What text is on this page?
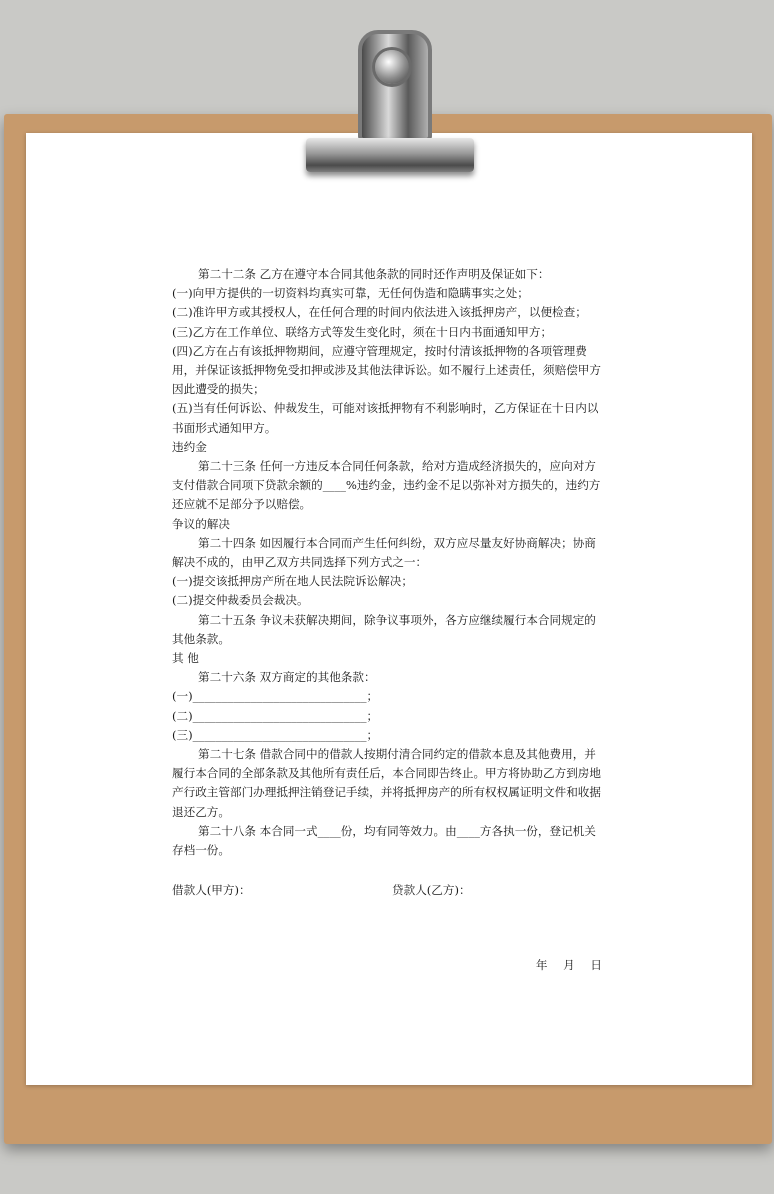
第二十二条 乙方在遵守本合同其他条款的同时还作声明及保证如下：

(一)向甲方提供的一切资料均真实可靠，无任何伪造和隐瞒事实之处；

(二)准许甲方或其授权人，在任何合理的时间内依法进入该抵押房产，以便检查；

(三)乙方在工作单位、联络方式等发生变化时，须在十日内书面通知甲方；

(四)乙方在占有该抵押物期间，应遵守管理规定，按时付清该抵押物的各项管理费用，并保证该抵押物免受扣押或涉及其他法律诉讼。如不履行上述责任，须赔偿甲方因此遭受的损失；

(五)当有任何诉讼、仲裁发生，可能对该抵押物有不利影响时，乙方保证在十日内以书面形式通知甲方。

违约金

第二十三条 任何一方违反本合同任何条款，给对方造成经济损失的，应向对方支付借款合同项下贷款余额的____%违约金，违约金不足以弥补对方损失的，违约方还应就不足部分予以赔偿。

争议的解决

第二十四条 如因履行本合同而产生任何纠纷，双方应尽量友好协商解决；协商解决不成的，由甲乙双方共同选择下列方式之一：

(一)提交该抵押房产所在地人民法院诉讼解决；

(二)提交仲裁委员会裁决。

第二十五条 争议未获解决期间，除争议事项外，各方应继续履行本合同规定的其他条款。

其 他

第二十六条 双方商定的其他条款：

(一)______________________________；

(二)______________________________；

(三)______________________________；

第二十七条 借款合同中的借款人按期付清合同约定的借款本息及其他费用，并履行本合同的全部条款及其他所有责任后，本合同即告终止。甲方将协助乙方到房地产行政主管部门办理抵押注销登记手续，并将抵押房产的所有权权属证明文件和收据退还乙方。

第二十八条 本合同一式____份，均有同等效力。由____方各执一份，登记机关存档一份。

借款人(甲方)：	贷款人(乙方)：
年 月 日
